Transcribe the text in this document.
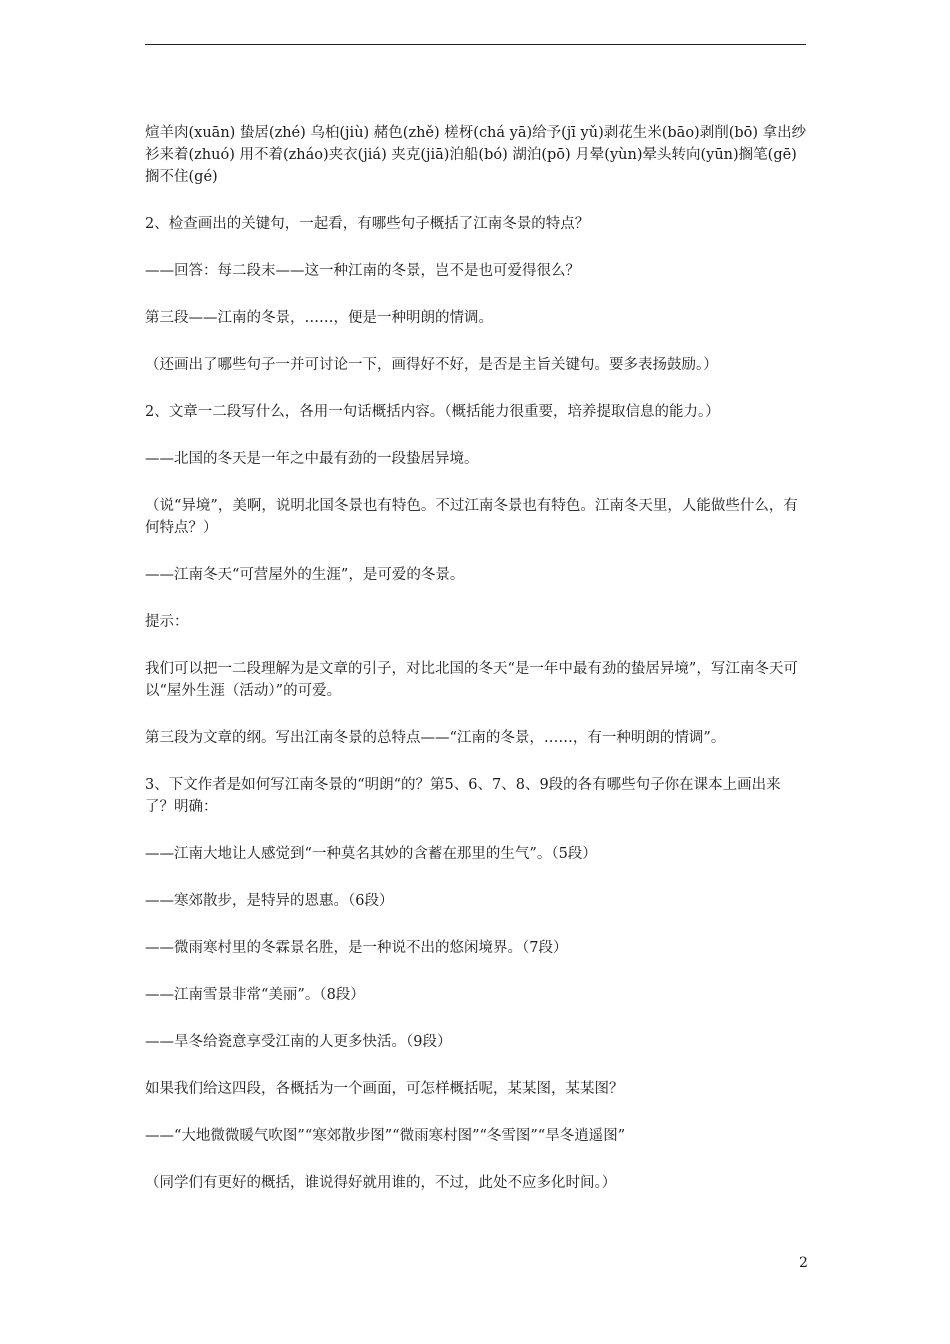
煊羊肉(xuān) 蛰居(zhé) 乌桕(jiù) 赭色(zhě) 槎枒(chá yā)给予(jī yǔ)剥花生米(bāo)剥削(bō) 拿出纱衫来着(zhuó) 用不着(zháo)夹衣(jiá) 夹克(jiā)泊船(bó) 湖泊(pō) 月晕(yùn)晕头转向(yūn)搁笔(gē) 搁不住(gé)

2、检查画出的关键句，一起看，有哪些句子概括了江南冬景的特点？

——回答：每二段末——这一种江南的冬景，岂不是也可爱得很么？

第三段——江南的冬景，……，便是一种明朗的情调。

（还画出了哪些句子一并可讨论一下，画得好不好，是否是主旨关键句。要多表扬鼓励。）

2、文章一二段写什么，各用一句话概括内容。（概括能力很重要，培养提取信息的能力。）

——北国的冬天是一年之中最有劲的一段蛰居异境。

（说“异境”，美啊，说明北国冬景也有特色。不过江南冬景也有特色。江南冬天里，人能做些什么，有何特点？）

——江南冬天“可营屋外的生涯”，是可爱的冬景。

提示：

我们可以把一二段理解为是文章的引子，对比北国的冬天“是一年中最有劲的蛰居异境”，写江南冬天可以“屋外生涯（活动）”的可爱。

第三段为文章的纲。写出江南冬景的总特点——“江南的冬景，……，有一种明朗的情调”。

3、下文作者是如何写江南冬景的“明朗“的？第5、6、7、8、9段的各有哪些句子你在课本上画出来了？明确：

——江南大地让人感觉到“一种莫名其妙的含蓄在那里的生气”。（5段）

——寒郊散步，是特异的恩惠。（6段）

——微雨寒村里的冬霖景名胜，是一种说不出的悠闲境界。（7段）

——江南雪景非常“美丽”。（8段）

——旱冬给瓷意享受江南的人更多快活。（9段）

如果我们给这四段，各概括为一个画面，可怎样概括呢，某某图，某某图？

——“大地微微暖气吹图”“寒郊散步图”“微雨寒村图”“冬雪图”“旱冬逍遥图”

（同学们有更好的概括，谁说得好就用谁的，不过，此处不应多化时间。）

2
